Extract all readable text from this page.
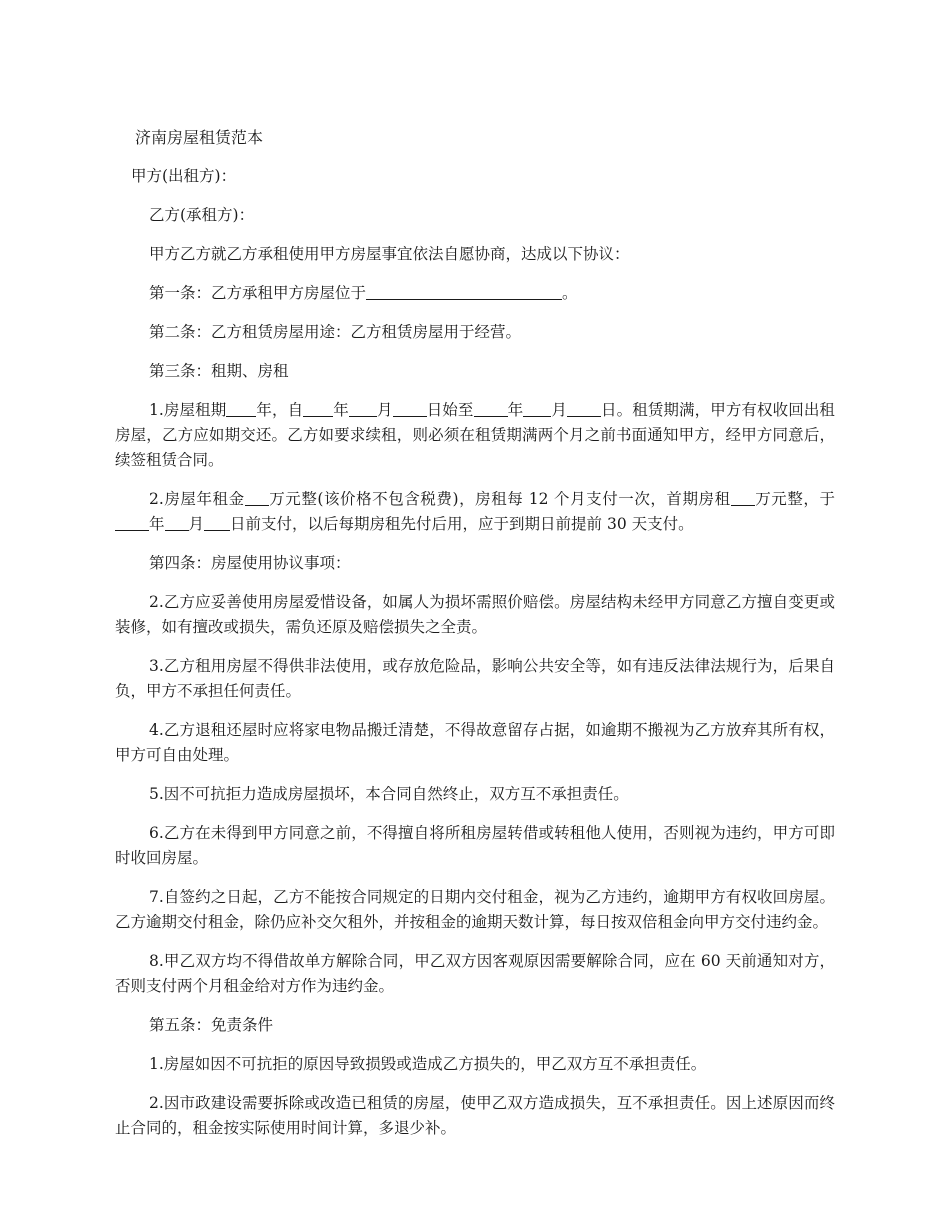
济南房屋租赁范本
甲方(出租方)：
乙方(承租方)：
甲方乙方就乙方承租使用甲方房屋事宜依法自愿协商，达成以下协议：
第一条：乙方承租甲方房屋位于	。
第二条：乙方租赁房屋用途：乙方租赁房屋用于经营。
第三条：租期、房租
1.房屋租期 年，自 年 月 日始至 年 月 日。租赁期满，甲方有权收回出租房屋，乙方应如期交还。乙方如要求续租，则必须在租赁期满两个月之前书面通知甲方，经甲方同意后，续签租赁合同。
2.房屋年租金 万元整(该价格不包含税费)，房租每 12 个月支付一次，首期房租 万元整，于年 月 日前支付，以后每期房租先付后用，应于到期日前提前 30 天支付。
第四条：房屋使用协议事项：
2.乙方应妥善使用房屋爱惜设备，如属人为损坏需照价赔偿。房屋结构未经甲方同意乙方擅自变更或装修，如有擅改或损失，需负还原及赔偿损失之全责。
3.乙方租用房屋不得供非法使用，或存放危险品，影响公共安全等，如有违反法律法规行为，后果自负，甲方不承担任何责任。
4.乙方退租还屋时应将家电物品搬迁清楚，不得故意留存占据，如逾期不搬视为乙方放弃其所有权，甲方可自由处理。
5.因不可抗拒力造成房屋损坏，本合同自然终止，双方互不承担责任。
6.乙方在未得到甲方同意之前，不得擅自将所租房屋转借或转租他人使用，否则视为违约，甲方可即时收回房屋。
7.自签约之日起，乙方不能按合同规定的日期内交付租金，视为乙方违约，逾期甲方有权收回房屋。乙方逾期交付租金，除仍应补交欠租外，并按租金的逾期天数计算，每日按双倍租金向甲方交付违约金。
8.甲乙双方均不得借故单方解除合同，甲乙双方因客观原因需要解除合同，应在 60 天前通知对方，否则支付两个月租金给对方作为违约金。
第五条：免责条件
1.房屋如因不可抗拒的原因导致损毁或造成乙方损失的，甲乙双方互不承担责任。
2.因市政建设需要拆除或改造已租赁的房屋，使甲乙双方造成损失，互不承担责任。因上述原因而终止合同的，租金按实际使用时间计算，多退少补。
